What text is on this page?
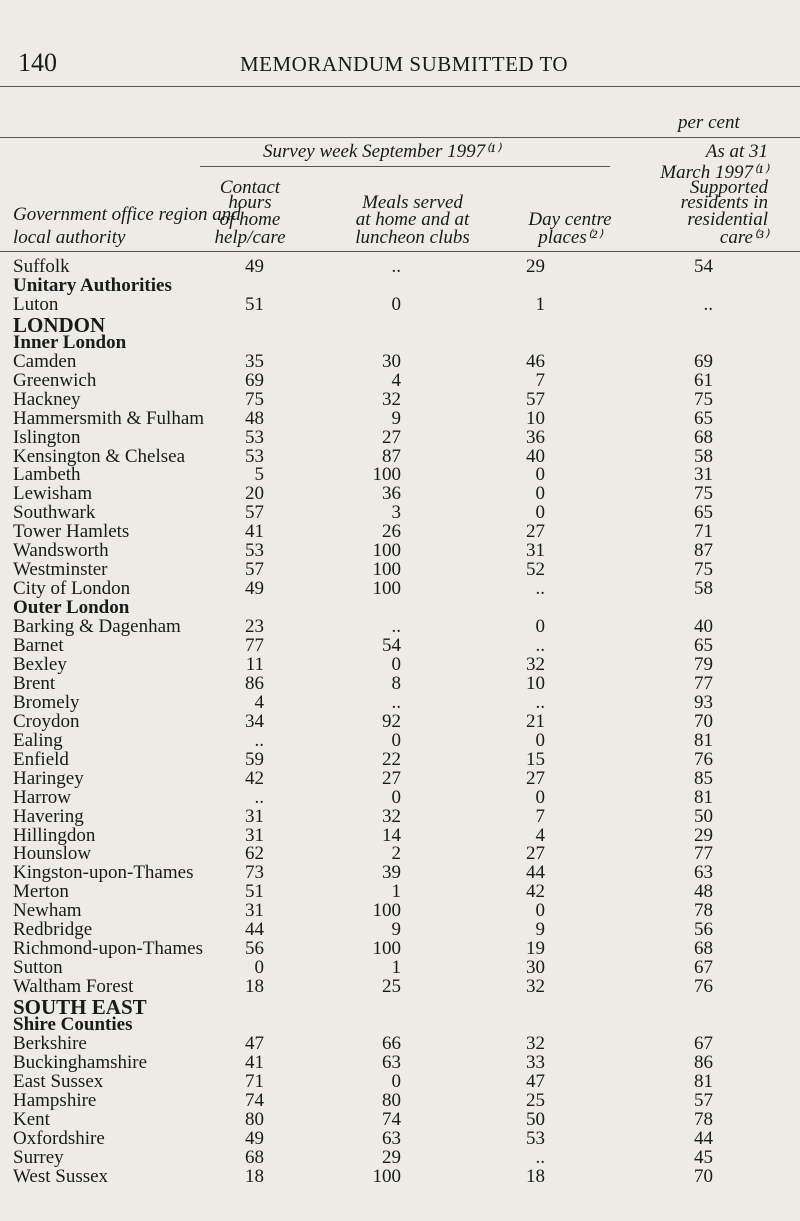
140	MEMORANDUM SUBMITTED TO
per cent
Survey week September 1997⁽¹⁾	As at 31
March 1997⁽¹⁾
Government office region and
local authority
Contact
hours
of home
help/care
Meals served
at home and at
luncheon clubs
Day centre
places⁽²⁾
Supported
residents in
residential
care⁽³⁾
Suffolk	49	..	29	54
Unitary Authorities
Luton	51	0	1	..
LONDON
Inner London
Camden	35	30	46	69
Greenwich	69	4	7	61
Hackney	75	32	57	75
Hammersmith & Fulham	48	9	10	65
Islington	53	27	36	68
Kensington & Chelsea	53	87	40	58
Lambeth	5	100	0	31
Lewisham	20	36	0	75
Southwark	57	3	0	65
Tower Hamlets	41	26	27	71
Wandsworth	53	100	31	87
Westminster	57	100	52	75
City of London	49	100	..	58
Outer London
Barking & Dagenham	23	..	0	40
Barnet	77	54	..	65
Bexley	11	0	32	79
Brent	86	8	10	77
Bromely	4	..	..	93
Croydon	34	92	21	70
Ealing	..	0	0	81
Enfield	59	22	15	76
Haringey	42	27	27	85
Harrow	..	0	0	81
Havering	31	32	7	50
Hillingdon	31	14	4	29
Hounslow	62	2	27	77
Kingston-upon-Thames	73	39	44	63
Merton	51	1	42	48
Newham	31	100	0	78
Redbridge	44	9	9	56
Richmond-upon-Thames	56	100	19	68
Sutton	0	1	30	67
Waltham Forest	18	25	32	76
SOUTH EAST
Shire Counties
Berkshire	47	66	32	67
Buckinghamshire	41	63	33	86
East Sussex	71	0	47	81
Hampshire	74	80	25	57
Kent	80	74	50	78
Oxfordshire	49	63	53	44
Surrey	68	29	..	45
West Sussex	18	100	18	70
